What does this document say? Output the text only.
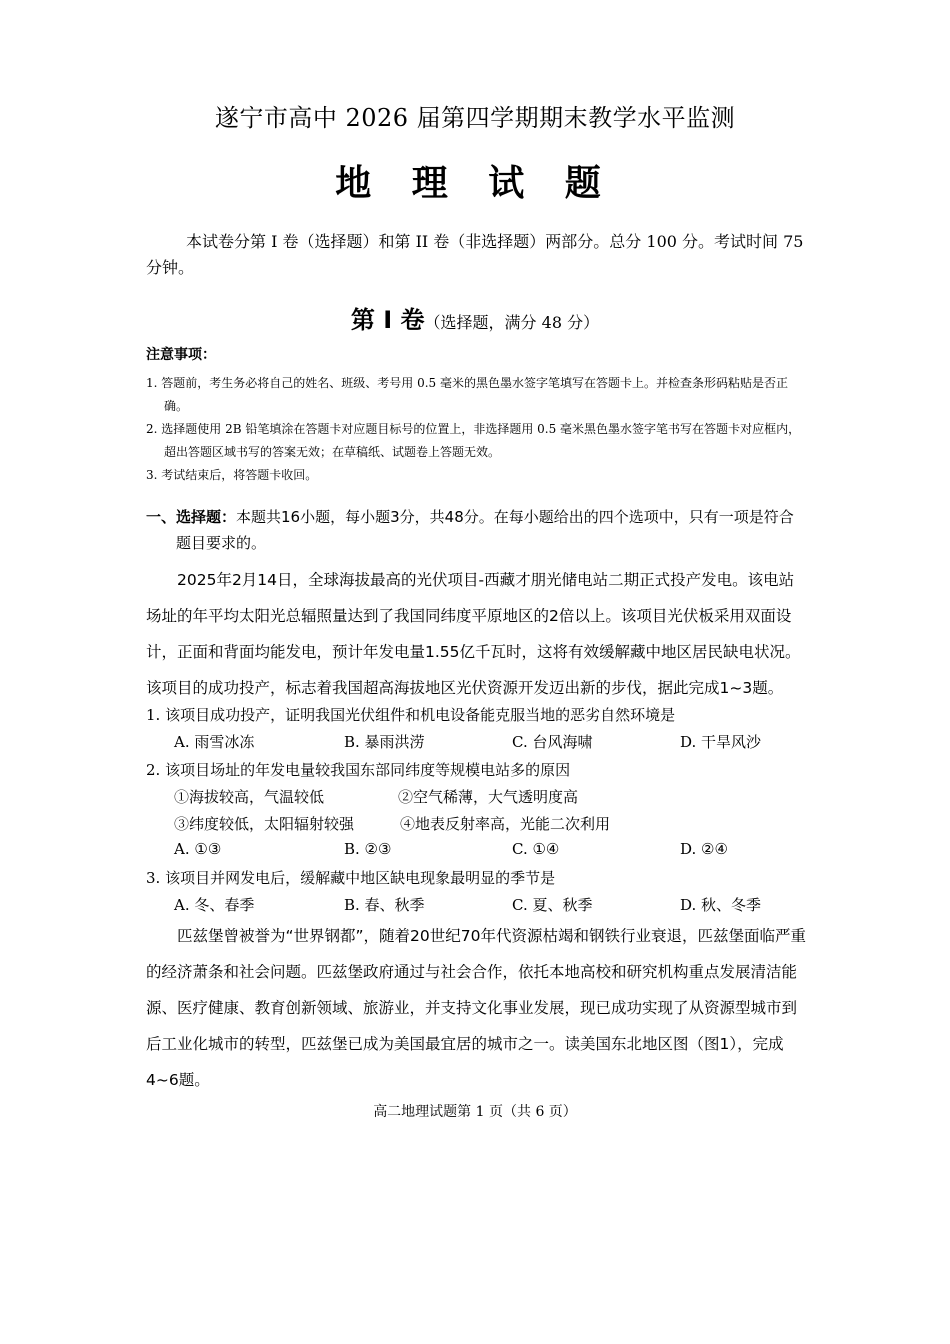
遂宁市高中 2026 届第四学期期末教学水平监测
地 理 试 题
本试卷分第 I 卷（选择题）和第 II 卷（非选择题）两部分。总分 100 分。考试时间 75 分钟。
第 I 卷（选择题，满分 48 分）
注意事项：
1. 答题前，考生务必将自己的姓名、班级、考号用 0.5 毫米的黑色墨水签字笔填写在答题卡上。并检查条形码粘贴是否正确。
2. 选择题使用 2B 铅笔填涂在答题卡对应题目标号的位置上，非选择题用 0.5 毫米黑色墨水签字笔书写在答题卡对应框内，超出答题区域书写的答案无效；在草稿纸、试题卷上答题无效。
3. 考试结束后，将答题卡收回。
一、选择题：本题共16小题，每小题3分，共48分。在每小题给出的四个选项中，只有一项是符合题目要求的。
2025年2月14日，全球海拔最高的光伏项目-西藏才朋光储电站二期正式投产发电。该电站场址的年平均太阳光总辐照量达到了我国同纬度平原地区的2倍以上。该项目光伏板采用双面设计，正面和背面均能发电，预计年发电量1.55亿千瓦时，这将有效缓解藏中地区居民缺电状况。该项目的成功投产，标志着我国超高海拔地区光伏资源开发迈出新的步伐，据此完成1~3题。
1. 该项目成功投产，证明我国光伏组件和机电设备能克服当地的恶劣自然环境是
A. 雨雪冰冻	B. 暴雨洪涝	C. 台风海啸	D. 干旱风沙
2. 该项目场址的年发电量较我国东部同纬度等规模电站多的原因
①海拔较高，气温较低	②空气稀薄，大气透明度高
③纬度较低，太阳辐射较强	④地表反射率高，光能二次利用
A. ①③	B. ②③	C. ①④	D. ②④
3. 该项目并网发电后，缓解藏中地区缺电现象最明显的季节是
A. 冬、春季	B. 春、秋季	C. 夏、秋季	D. 秋、冬季
匹兹堡曾被誉为“世界钢都”，随着20世纪70年代资源枯竭和钢铁行业衰退，匹兹堡面临严重的经济萧条和社会问题。匹兹堡政府通过与社会合作，依托本地高校和研究机构重点发展清洁能源、医疗健康、教育创新领域、旅游业，并支持文化事业发展，现已成功实现了从资源型城市到后工业化城市的转型，匹兹堡已成为美国最宜居的城市之一。读美国东北地区图（图1），完成4~6题。
高二地理试题第 1 页（共 6 页）
